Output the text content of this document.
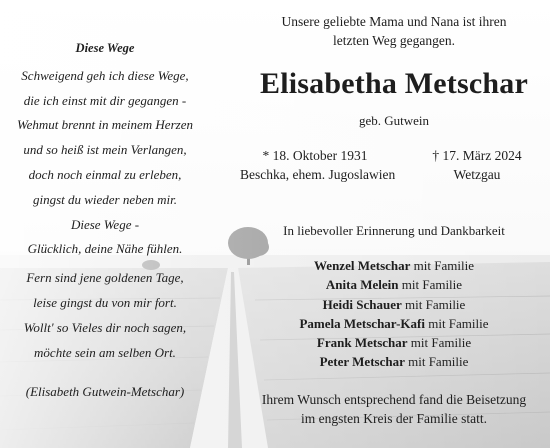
Diese Wege
Schweigend geh ich diese Wege,
die ich einst mit dir gegangen -
Wehmut brennt in meinem Herzen
und so heiß ist mein Verlangen,
doch noch einmal zu erleben,
gingst du wieder neben mir.
Diese Wege -
Glücklich, deine Nähe fühlen.
Fern sind jene goldenen Tage,
leise gingst du von mir fort.
Wollt' so Vieles dir noch sagen,
möchte sein am selben Ort.
(Elisabeth Gutwein-Metschar)
Unsere geliebte Mama und Nana ist ihren
letzten Weg gegangen.
Elisabetha Metschar
geb. Gutwein
* 18. Oktober 1931
Beschka, ehem. Jugoslawien
† 17. März 2024
Wetzgau
In liebevoller Erinnerung und Dankbarkeit
Wenzel Metschar mit Familie
Anita Melein mit Familie
Heidi Schauer mit Familie
Pamela Metschar-Kafi mit Familie
Frank Metschar mit Familie
Peter Metschar mit Familie
Ihrem Wunsch entsprechend fand die Beisetzung
im engsten Kreis der Familie statt.
